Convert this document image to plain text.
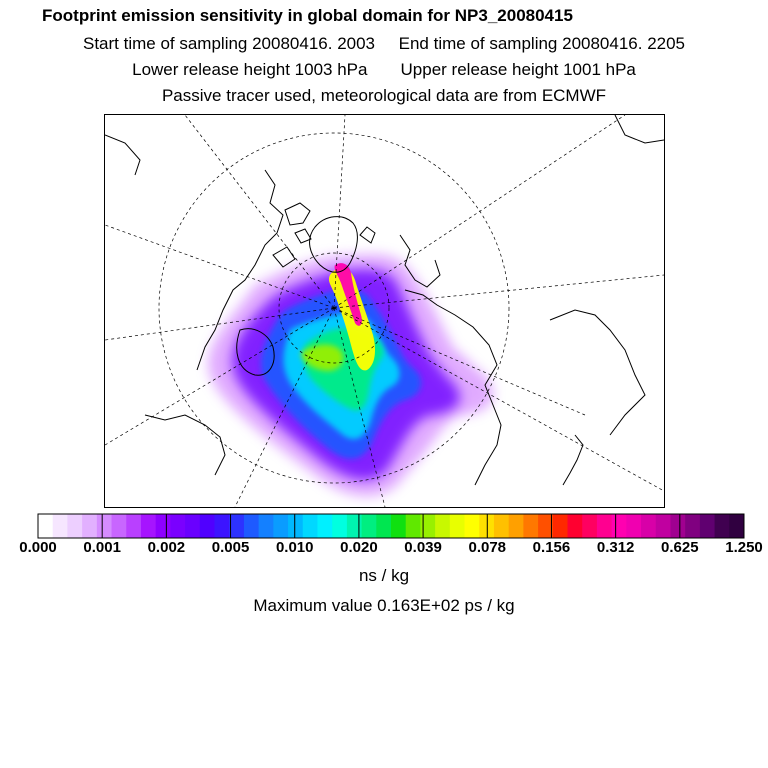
Footprint emission sensitivity in global domain for NP3_20080415
Start time of sampling 20080416. 2003 End time of sampling 20080416. 2205
Lower release height 1003 hPa Upper release height 1001 hPa
Passive tracer used, meteorological data are from ECMWF
0.000 0.001 0.002 0.005 0.010 0.020 0.039 0.078 0.156 0.312 0.625 1.250
ns / kg
Maximum value 0.163E+02 ps / kg
